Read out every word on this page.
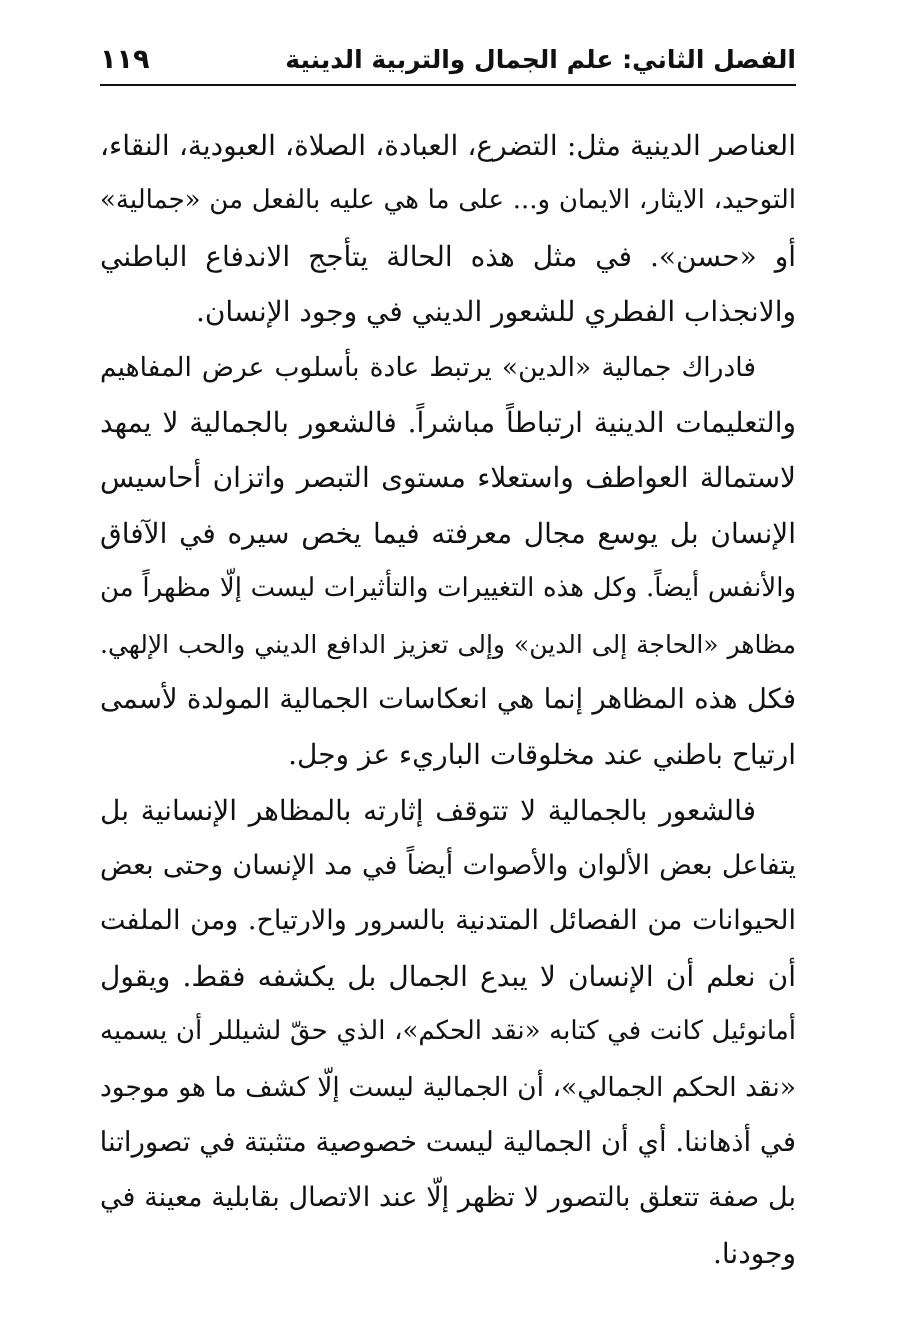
الفصل الثاني: علم الجمال والتربية الدينية
١١٩
العناصر الدينية مثل: التضرع، العبادة، الصلاة، العبودية، النقاء،
التوحيد، الايثار، الايمان و... على ما هي عليه بالفعل من «جمالية»
أو «حسن». في مثل هذه الحالة يتأجج الاندفاع الباطني
والانجذاب الفطري للشعور الديني في وجود الإنسان.
فادراك جمالية «الدين» يرتبط عادة بأسلوب عرض المفاهيم
والتعليمات الدينية ارتباطاً مباشراً. فالشعور بالجمالية لا يمهد
لاستمالة العواطف واستعلاء مستوى التبصر واتزان أحاسيس
الإنسان بل يوسع مجال معرفته فيما يخص سيره في الآفاق
والأنفس أيضاً. وكل هذه التغييرات والتأثيرات ليست إلّا مظهراً من
مظاهر «الحاجة إلى الدين» وإلى تعزيز الدافع الديني والحب الإلهي.
فكل هذه المظاهر إنما هي انعكاسات الجمالية المولدة لأسمى
ارتياح باطني عند مخلوقات الباريء عز وجل.
فالشعور بالجمالية لا تتوقف إثارته بالمظاهر الإنسانية بل
يتفاعل بعض الألوان والأصوات أيضاً في مد الإنسان وحتى بعض
الحيوانات من الفصائل المتدنية بالسرور والارتياح. ومن الملفت
أن نعلم أن الإنسان لا يبدع الجمال بل يكشفه فقط. ويقول
أمانوئيل كانت في كتابه «نقد الحكم»، الذي حقّ لشيللر أن يسميه
«نقد الحكم الجمالي»، أن الجمالية ليست إلّا كشف ما هو موجود
في أذهاننا. أي أن الجمالية ليست خصوصية متثبتة في تصوراتنا
بل صفة تتعلق بالتصور لا تظهر إلّا عند الاتصال بقابلية معينة في
وجودنا.
